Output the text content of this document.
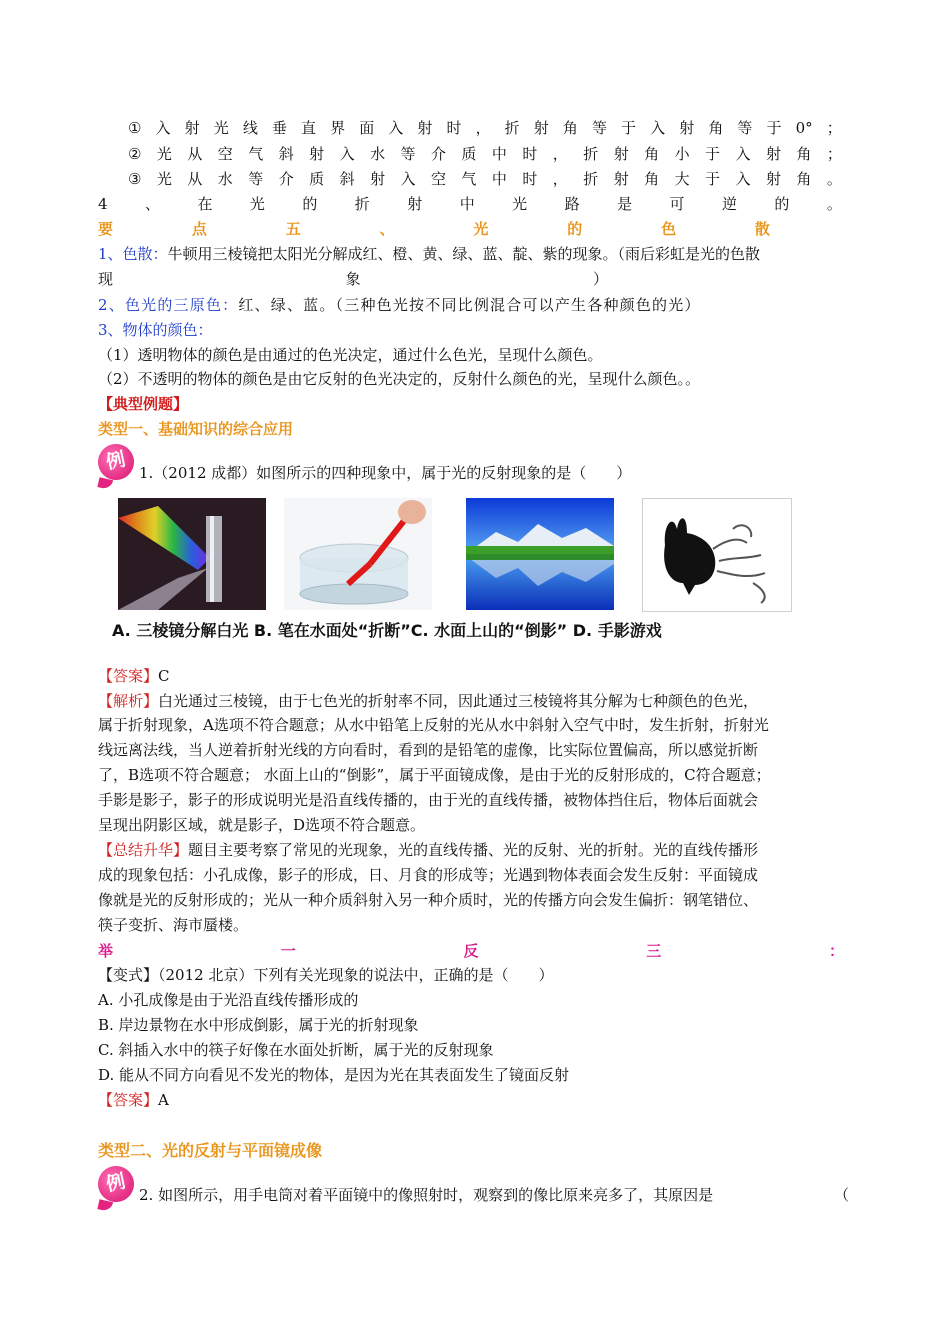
① 入 射 光 线 垂 直 界 面 入 射 时 ， 折 射 角 等 于 入 射 角 等 于 0° ；
② 光 从 空 气 斜 射 入 水 等 介 质 中 时 ， 折 射 角 小 于 入 射 角 ；
③ 光 从 水 等 介 质 斜 射 入 空 气 中 时 ， 折 射 角 大 于 入 射 角 。
4 、 在 光 的 折 射 中 光 路 是 可 逆 的 。
要	点	五	、	光	的	色	散
1、色散：牛顿用三棱镜把太阳光分解成红、橙、黄、绿、蓝、靛、紫的现象。（雨后彩虹是光的色散
现	象	）
2、色光的三原色：红、绿、蓝。（三种色光按不同比例混合可以产生各种颜色的光）
3、物体的颜色：
（1）透明物体的颜色是由通过的色光决定，通过什么色光，呈现什么颜色。
（2）不透明的物体的颜色是由它反射的色光决定的，反射什么颜色的光，呈现什么颜色。。
【典型例题】
类型一、基础知识的综合应用
例 1.（2012 成都）如图所示的四种现象中，属于光的反射现象的是（　　）
A. 三棱镜分解白光 B. 笔在水面处“折断”C. 水面上山的“倒影” D. 手影游戏
【答案】C
【解析】白光通过三棱镜，由于七色光的折射率不同，因此通过三棱镜将其分解为七种颜色的色光，
属于折射现象，A选项不符合题意；从水中铅笔上反射的光从水中斜射入空气中时，发生折射，折射光
线远离法线，当人逆着折射光线的方向看时，看到的是铅笔的虚像，比实际位置偏高，所以感觉折断
了，B选项不符合题意； 水面上山的“倒影”，属于平面镜成像，是由于光的反射形成的，C符合题意；
手影是影子，影子的形成说明光是沿直线传播的，由于光的直线传播，被物体挡住后，物体后面就会
呈现出阴影区域，就是影子，D选项不符合题意。
【总结升华】题目主要考察了常见的光现象，光的直线传播、光的反射、光的折射。光的直线传播形
成的现象包括：小孔成像，影子的形成，日、月食的形成等；光遇到物体表面会发生反射：平面镜成
像就是光的反射形成的；光从一种介质斜射入另一种介质时，光的传播方向会发生偏折：钢笔错位、
筷子变折、海市蜃楼。
举	一	反	三	：
【变式】（2012 北京）下列有关光现象的说法中，正确的是（　　）
A. 小孔成像是由于光沿直线传播形成的
B. 岸边景物在水中形成倒影，属于光的折射现象
C. 斜插入水中的筷子好像在水面处折断，属于光的反射现象
D. 能从不同方向看见不发光的物体，是因为光在其表面发生了镜面反射
【答案】A
类型二、光的反射与平面镜成像
例 2. 如图所示，用手电筒对着平面镜中的像照射时，观察到的像比原来亮多了，其原因是	（
